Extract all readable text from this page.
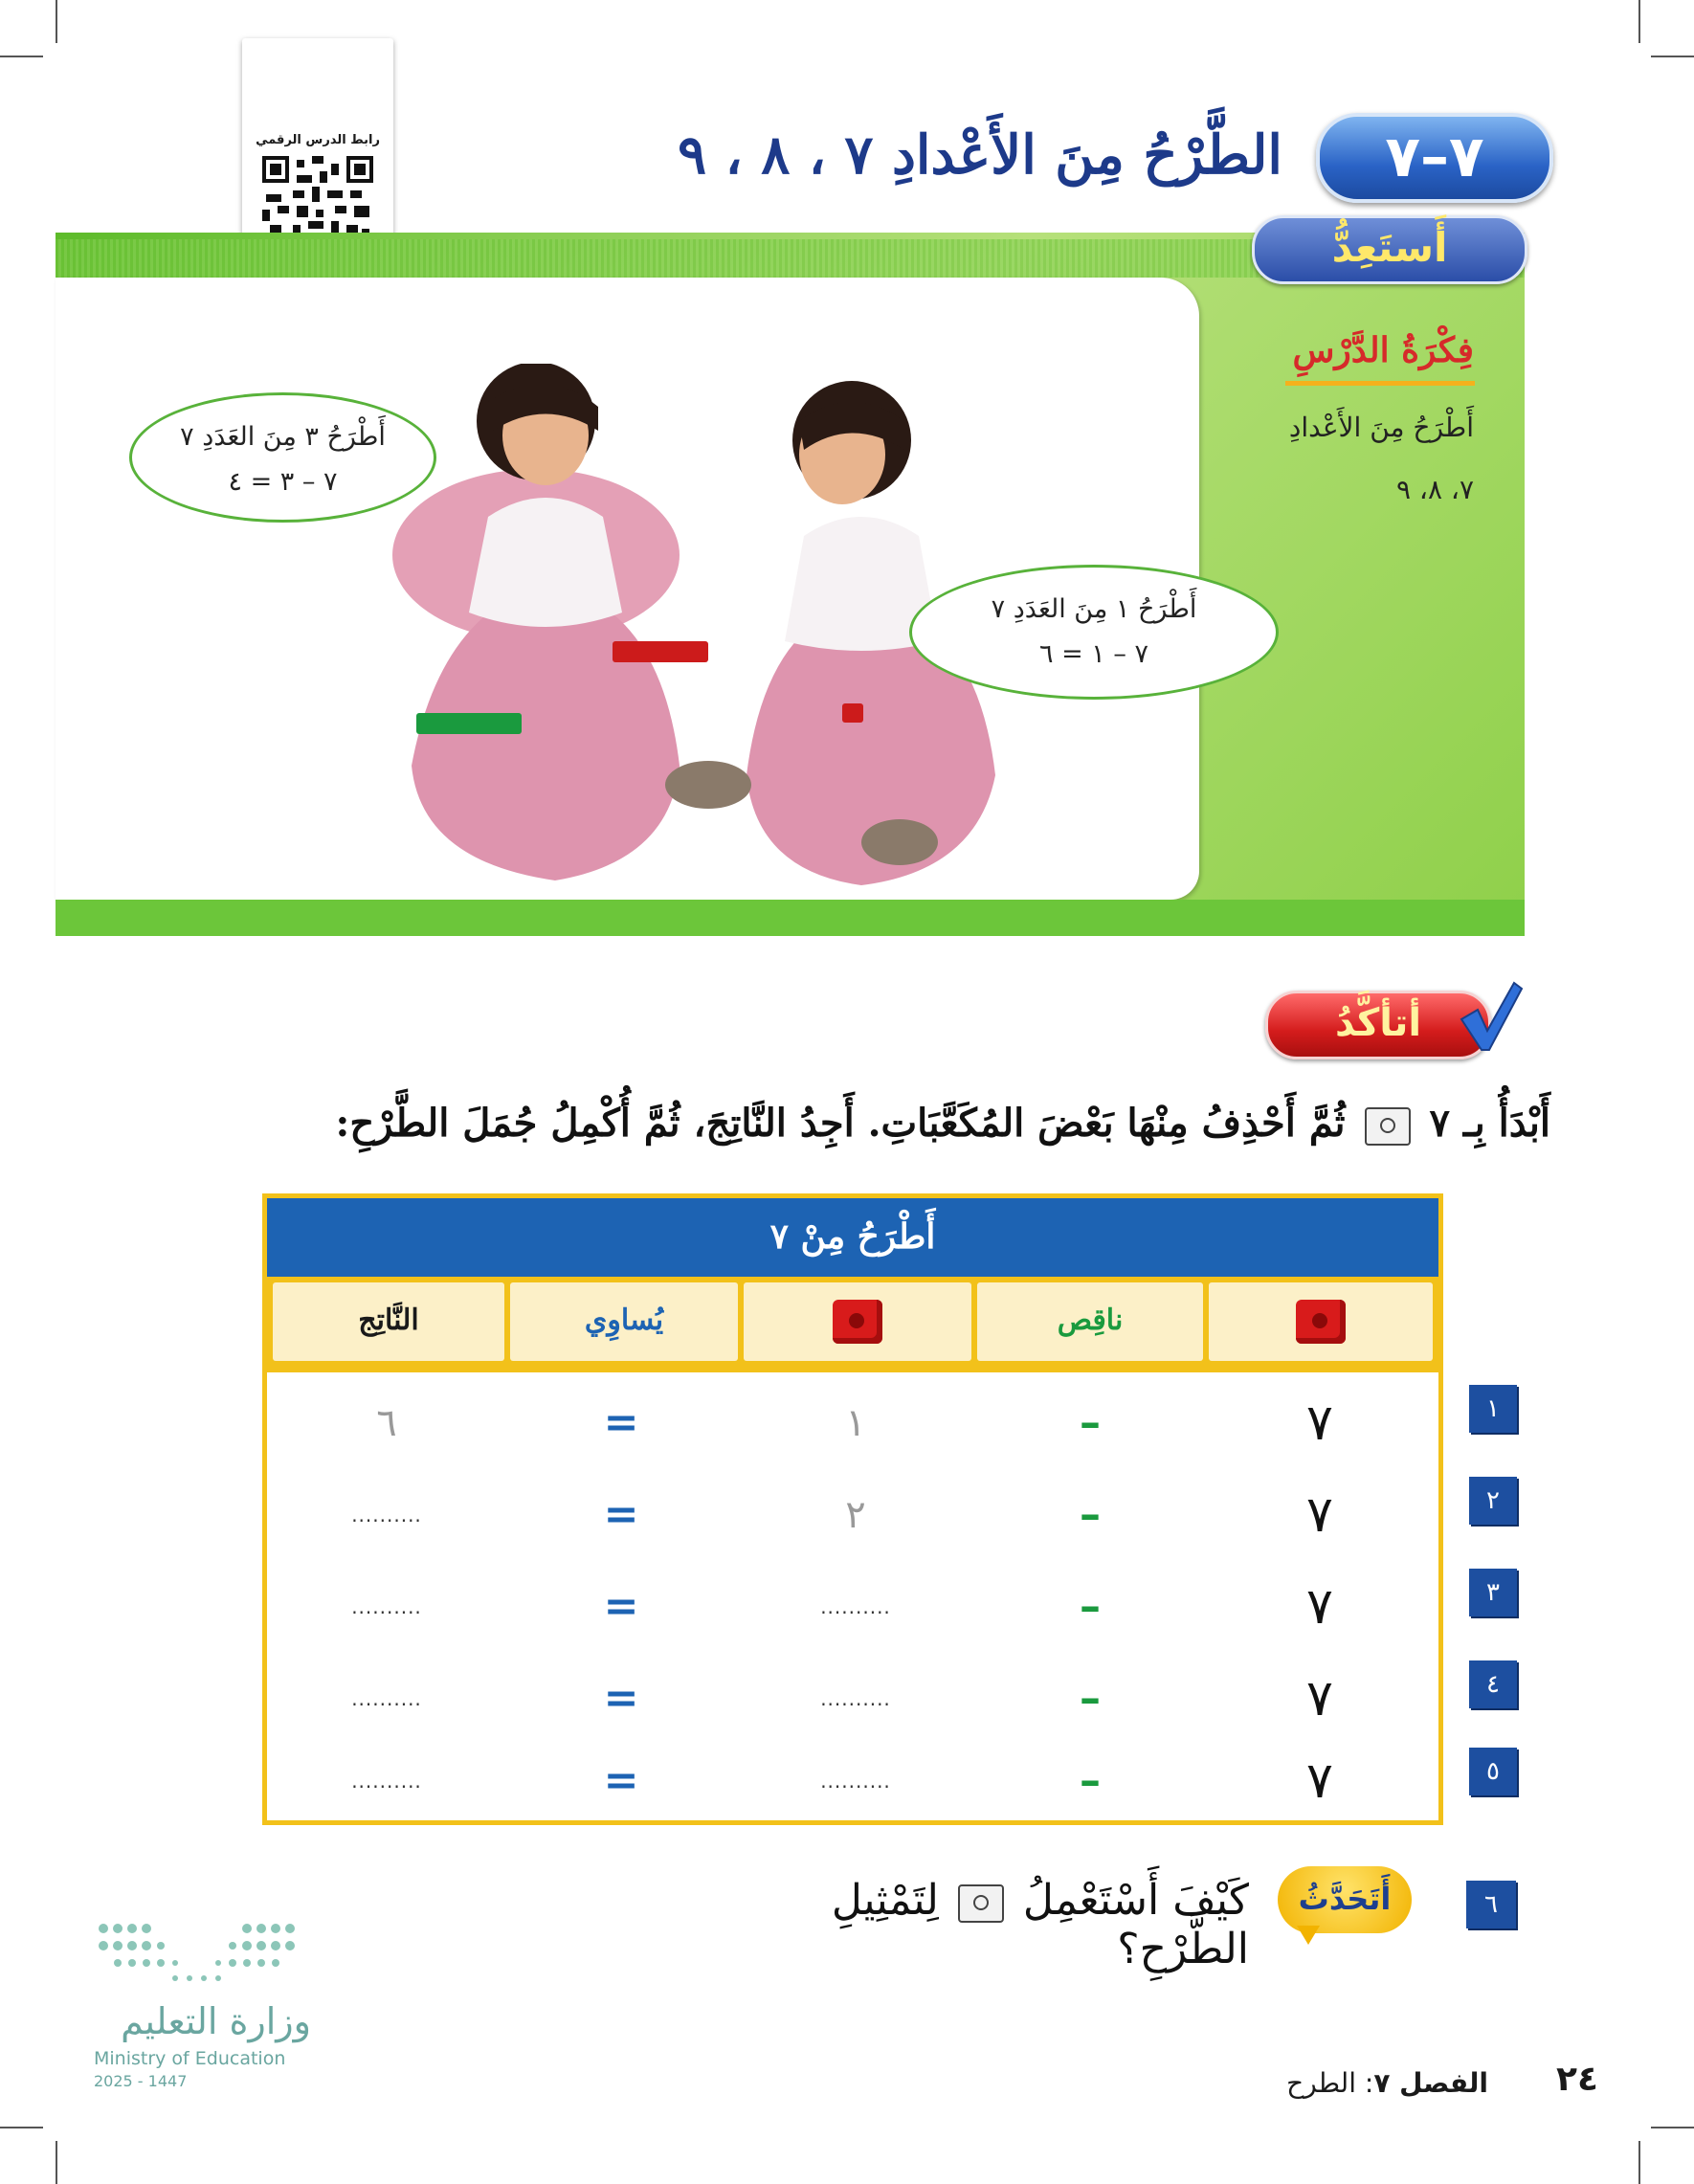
رابط الدرس الرقمي	٧–٧
الطَّرْحُ مِنَ الأَعْدادِ ٧ ، ٨ ، ٩
أَستَعِدُّ
فِكْرَةُ الدَّرْسِ
أَطْرَحُ مِنَ الأَعْدادِ
٧، ٨، ٩
أَطْرَحُ ٣ مِنَ العَدَدِ ٧
٧ – ٣ = ٤
أَطْرَحُ ١ مِنَ العَدَدِ ٧
٧ – ١ = ٦
أتأكَّدُ
أَبْدَأُ بِـ ٧  ثُمَّ أَحْذِفُ مِنْهَا بَعْضَ المُكَعَّبَاتِ. أَجِدُ النَّاتِجَ، ثُمَّ أُكْمِلُ جُمَلَ الطَّرْحِ:
أَطْرَحُ مِنْ ٧
ناقِص
يُساوِي
النَّاتِج
٧
–
١
=
٦
٧
–
٢
=
..........
٧
–
..........
=
..........
٧
–
..........
=
..........
٧
–
..........
=
..........
١
٢
٣
٤
٥
٦
أَتَحَدَّثُ
كَيْفَ أَسْتَعْمِلُ  لِتَمْثِيلِ الطَّرْحِ؟
وزارة التعليم
Ministry of Education
2025 - 1447	٢٤
الفصل ٧: الطرح
